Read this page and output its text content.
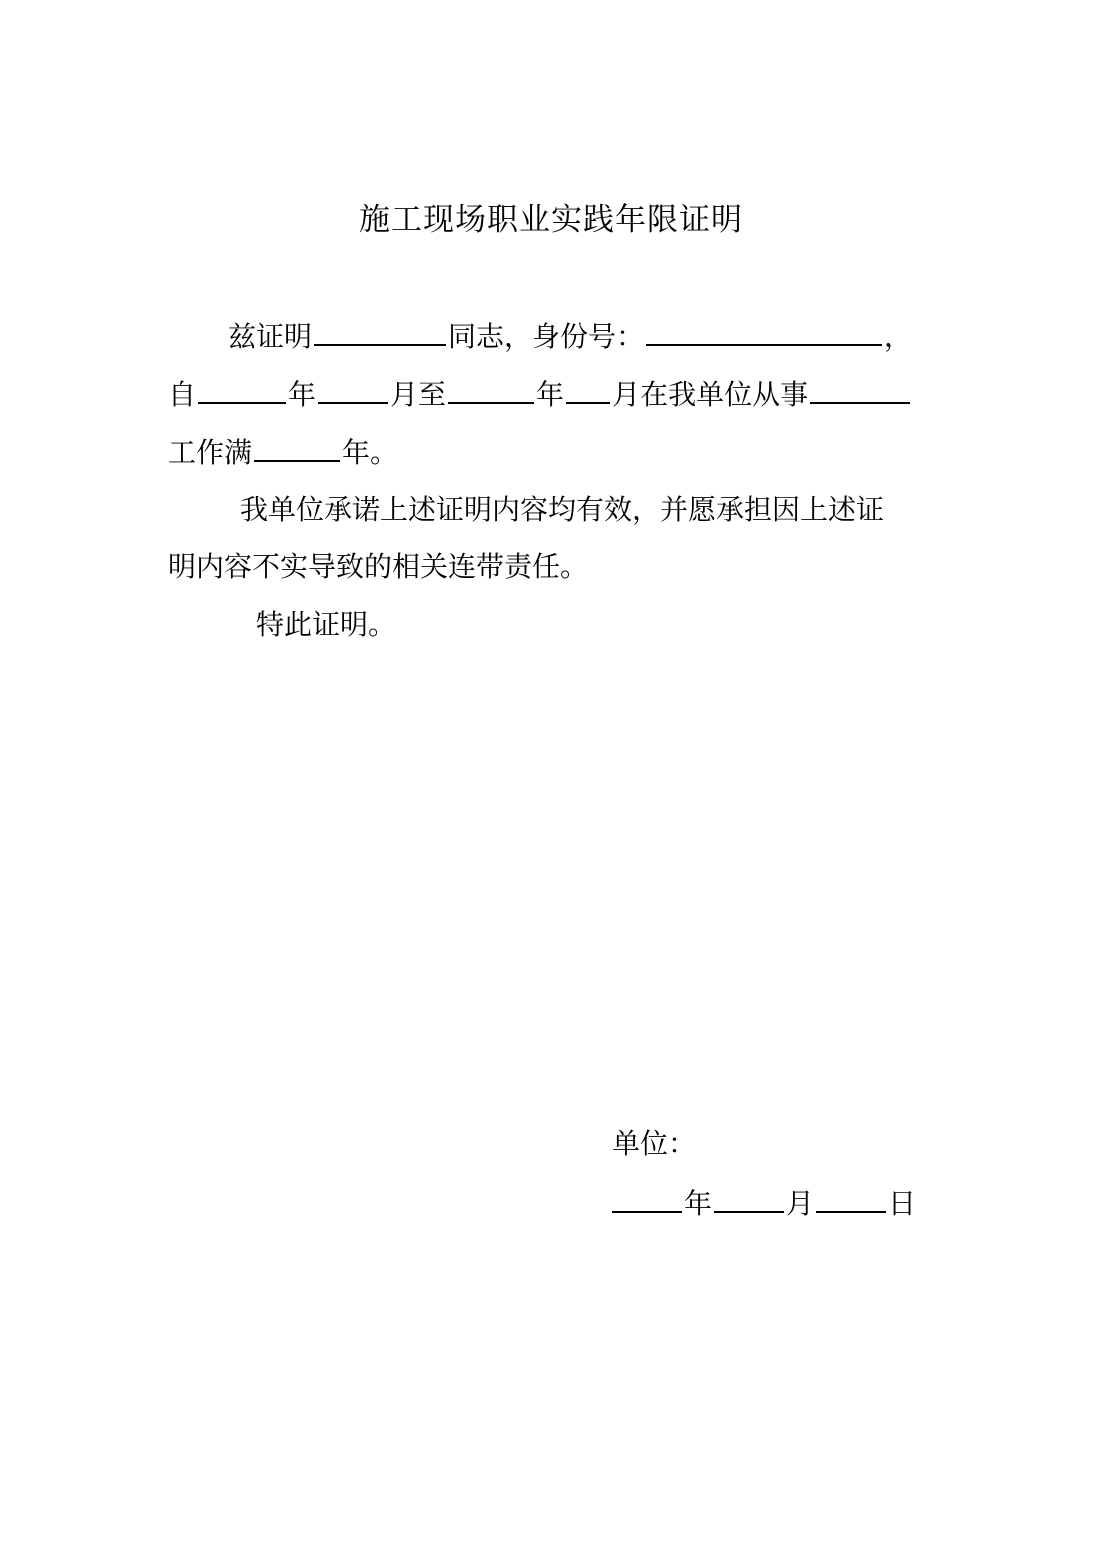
施工现场职业实践年限证明
兹证明	同志，身份号：	，
自	年	月至	年 月在我单位从事
工作满	年。
我单位承诺上述证明内容均有效，并愿承担因上述证
明内容不实导致的相关连带责任。
特此证明。
单位：
年	月	日
